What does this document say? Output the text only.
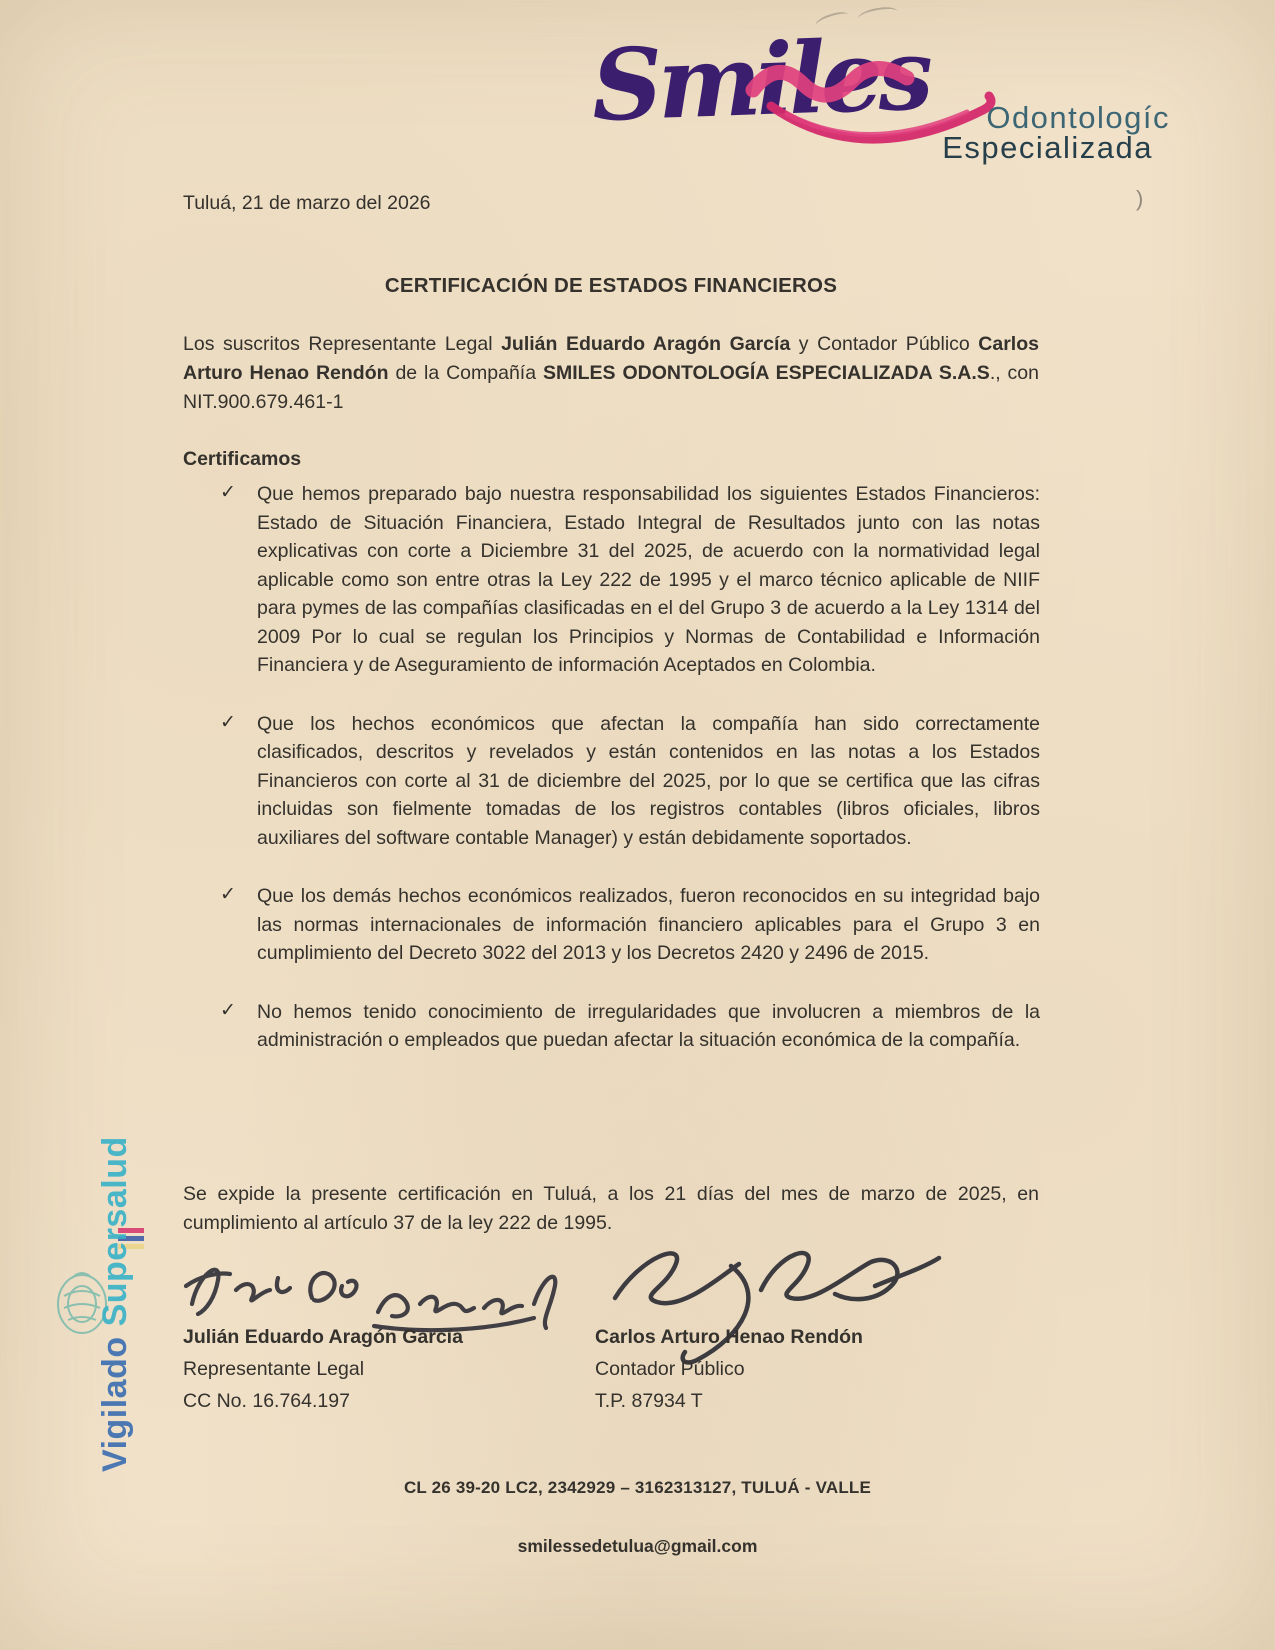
)
Smiles Odontologíc
Especializada
Tuluá, 21 de marzo del 2026
CERTIFICACIÓN DE ESTADOS FINANCIEROS

Los suscritos Representante Legal Julián Eduardo Aragón García y Contador Público Carlos Arturo Henao Rendón de la Compañía SMILES ODONTOLOGÍA ESPECIALIZADA S.A.S., con NIT.900.679.461-1

Certificamos
✓	Que hemos preparado bajo nuestra responsabilidad los siguientes Estados Financieros: Estado de Situación Financiera, Estado Integral de Resultados junto con las notas explicativas con corte a Diciembre 31 del 2025, de acuerdo con la normatividad legal aplicable como son entre otras la Ley 222 de 1995 y el marco técnico aplicable de NIIF para pymes de las compañías clasificadas en el del Grupo 3 de acuerdo a la Ley 1314 del 2009 Por lo cual se regulan los Principios y Normas de Contabilidad e Información Financiera y de Aseguramiento de información Aceptados en Colombia.
✓	Que los hechos económicos que afectan la compañía han sido correctamente clasificados, descritos y revelados y están contenidos en las notas a los Estados Financieros con corte al 31 de diciembre del 2025, por lo que se certifica que las cifras incluidas son fielmente tomadas de los registros contables (libros oficiales, libros auxiliares del software contable Manager) y están debidamente soportados.
✓	Que los demás hechos económicos realizados, fueron reconocidos en su integridad bajo las normas internacionales de información financiero aplicables para el Grupo 3 en cumplimiento del Decreto 3022 del 2013 y los Decretos 2420 y 2496 de 2015.
✓	No hemos tenido conocimiento de irregularidades que involucren a miembros de la administración o empleados que puedan afectar la situación económica de la compañía.

Se expide la presente certificación en Tuluá, a los 21 días del mes de marzo de 2025, en cumplimiento al artículo 37 de la ley 222 de 1995.

Julián Eduardo Aragón García
Representante Legal
CC No. 16.764.197
Carlos Arturo Henao Rendón
Contador Público
T.P. 87934 T
CL 26 39-20 LC2, 2342929 – 3162313127, TULUÁ - VALLE
smilessedetulua@gmail.com
Vigilado Supersalud
